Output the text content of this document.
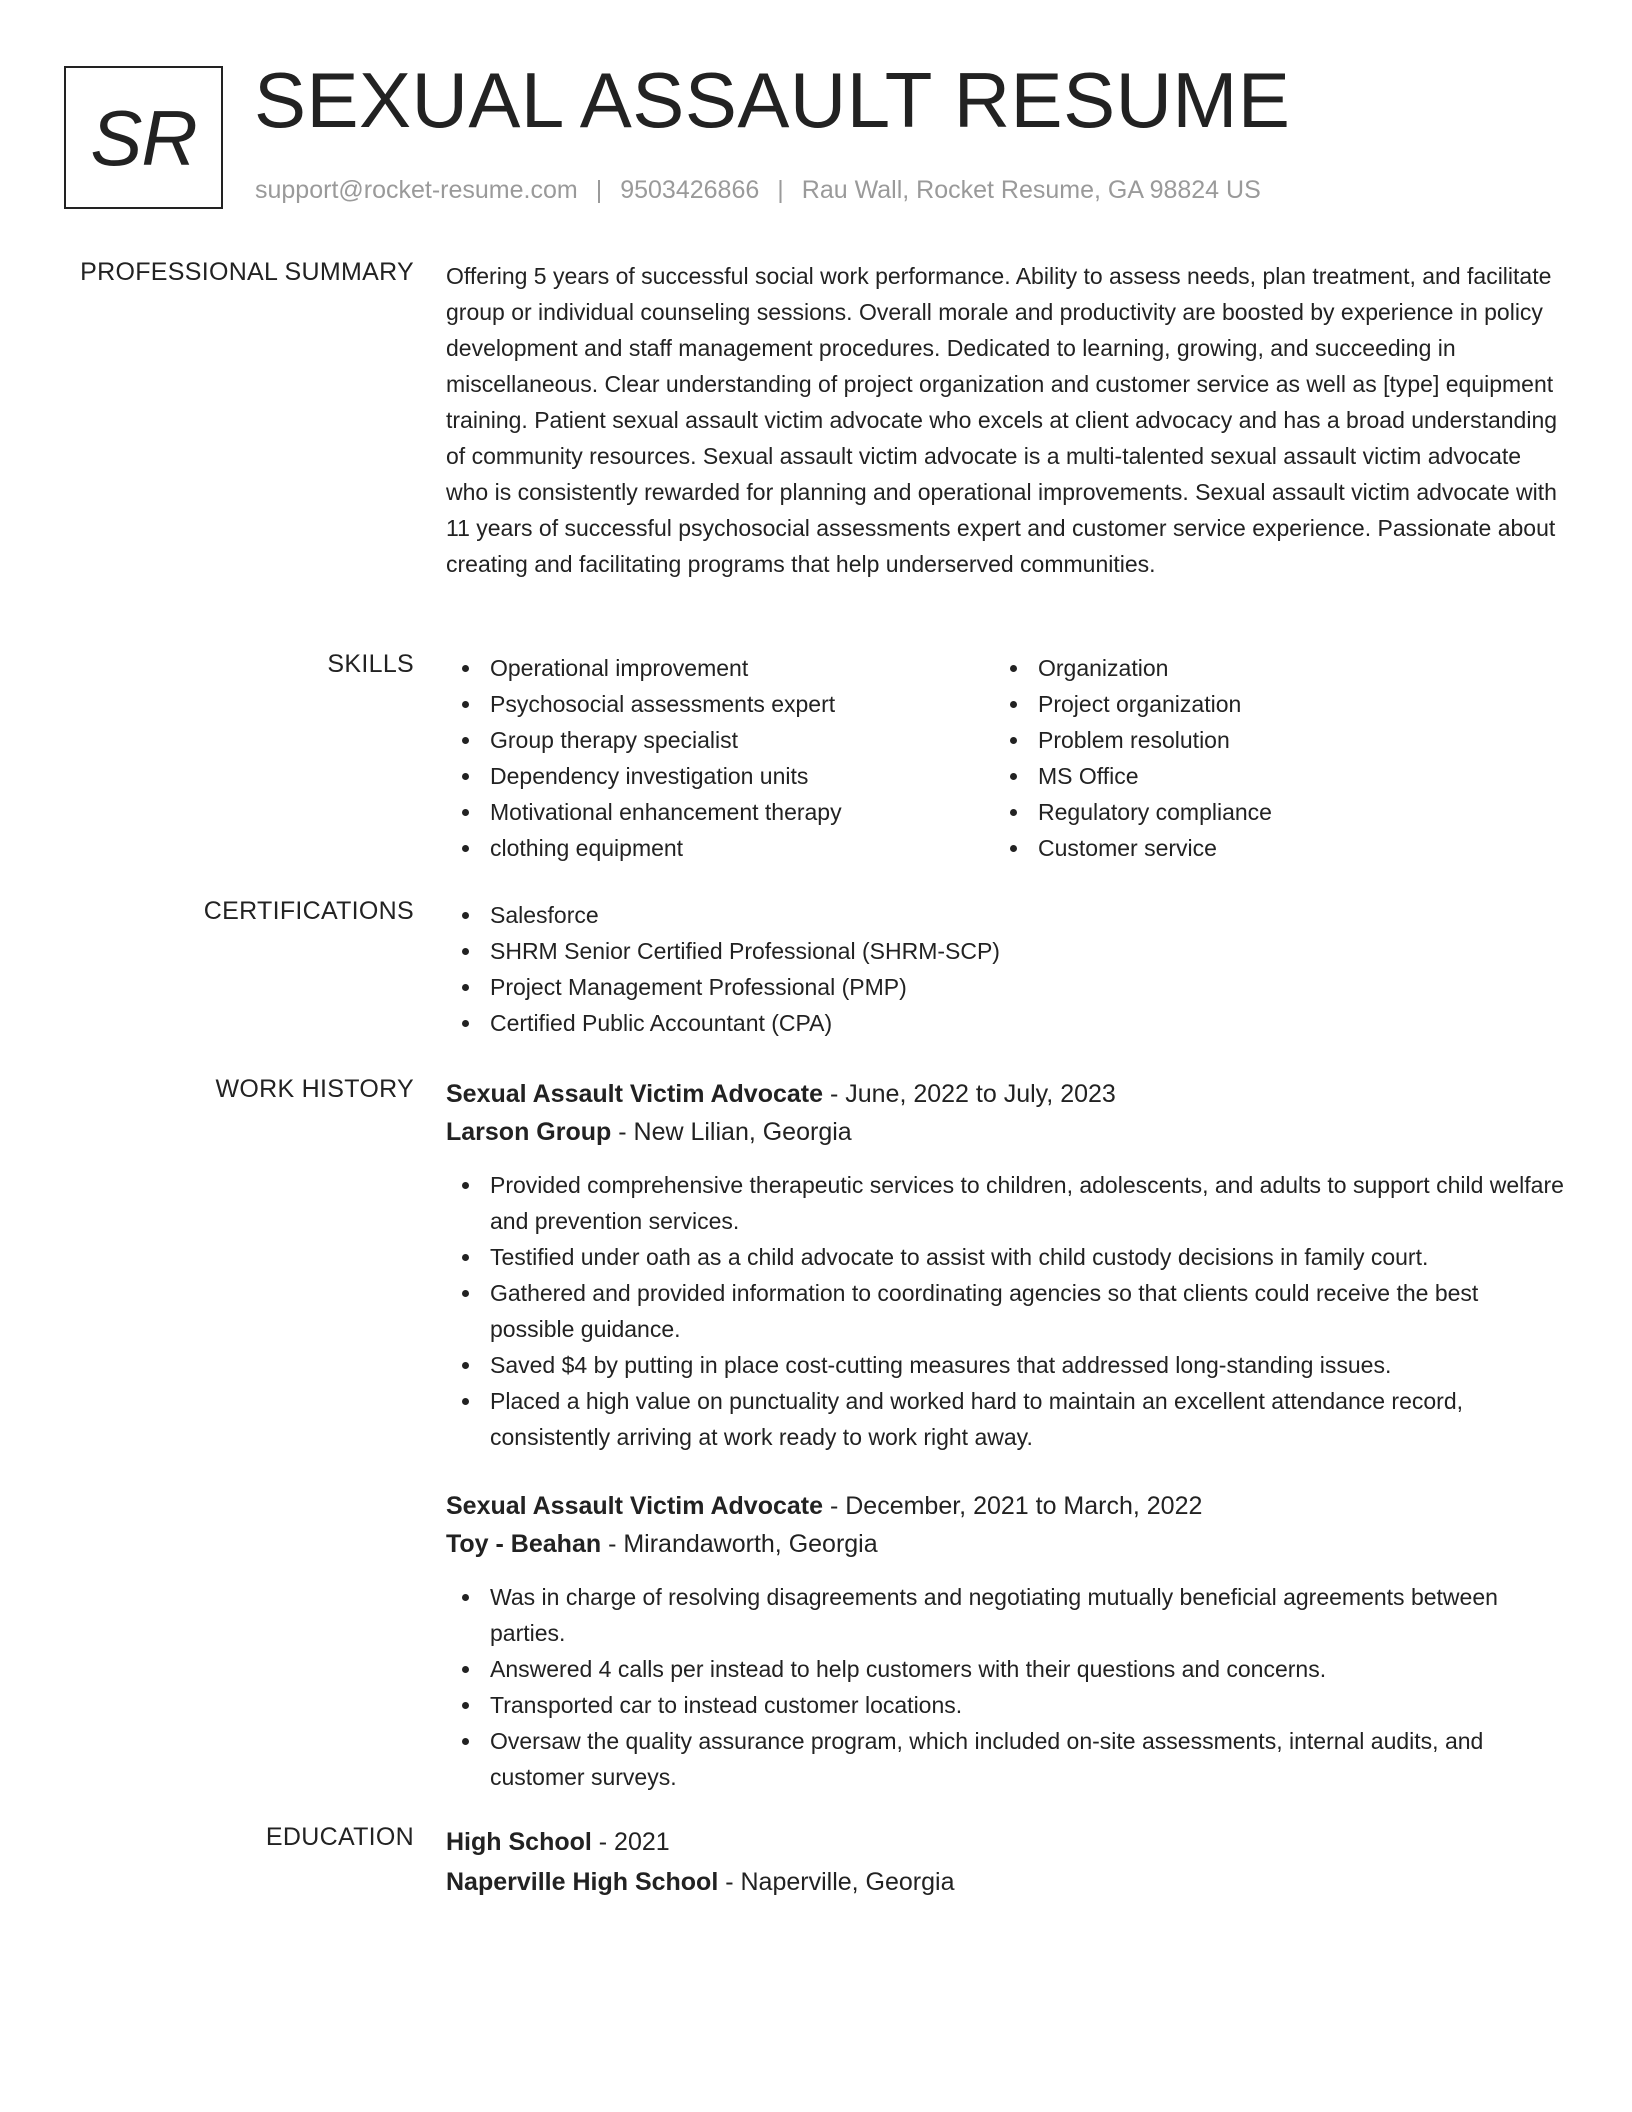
SR SEXUAL ASSAULT RESUME
support@rocket-resume.com | 9503426866 | Rau Wall, Rocket Resume, GA 98824 US
PROFESSIONAL SUMMARY Offering 5 years of successful social work performance. Ability to assess needs, plan treatment, and facilitate group or individual counseling sessions. Overall morale and productivity are boosted by experience in policy development and staff management procedures. Dedicated to learning, growing, and succeeding in miscellaneous. Clear understanding of project organization and customer service as well as [type] equipment training. Patient sexual assault victim advocate who excels at client advocacy and has a broad understanding of community resources. Sexual assault victim advocate is a multi-talented sexual assault victim advocate who is consistently rewarded for planning and operational improvements. Sexual assault victim advocate with 11 years of successful psychosocial assessments expert and customer service experience. Passionate about creating and facilitating programs that help underserved communities.
SKILLS	Operational improvement
Psychosocial assessments expert
Group therapy specialist
Dependency investigation units
Motivational enhancement therapy
clothing equipment
Organization
Project organization
Problem resolution
MS Office
Regulatory compliance
Customer service
CERTIFICATIONS	Salesforce
SHRM Senior Certified Professional (SHRM-SCP)
Project Management Professional (PMP)
Certified Public Accountant (CPA)
WORK HISTORY Sexual Assault Victim Advocate - June, 2022 to July, 2023
Larson Group - New Lilian, Georgia
Provided comprehensive therapeutic services to children, adolescents, and adults to support child welfare and prevention services.
Testified under oath as a child advocate to assist with child custody decisions in family court.
Gathered and provided information to coordinating agencies so that clients could receive the best possible guidance.
Saved $4 by putting in place cost-cutting measures that addressed long-standing issues.
Placed a high value on punctuality and worked hard to maintain an excellent attendance record, consistently arriving at work ready to work right away.
Sexual Assault Victim Advocate - December, 2021 to March, 2022
Toy - Beahan - Mirandaworth, Georgia
Was in charge of resolving disagreements and negotiating mutually beneficial agreements between parties.
Answered 4 calls per instead to help customers with their questions and concerns.
Transported car to instead customer locations.
Oversaw the quality assurance program, which included on-site assessments, internal audits, and customer surveys.
EDUCATION High School - 2021
Naperville High School - Naperville, Georgia
